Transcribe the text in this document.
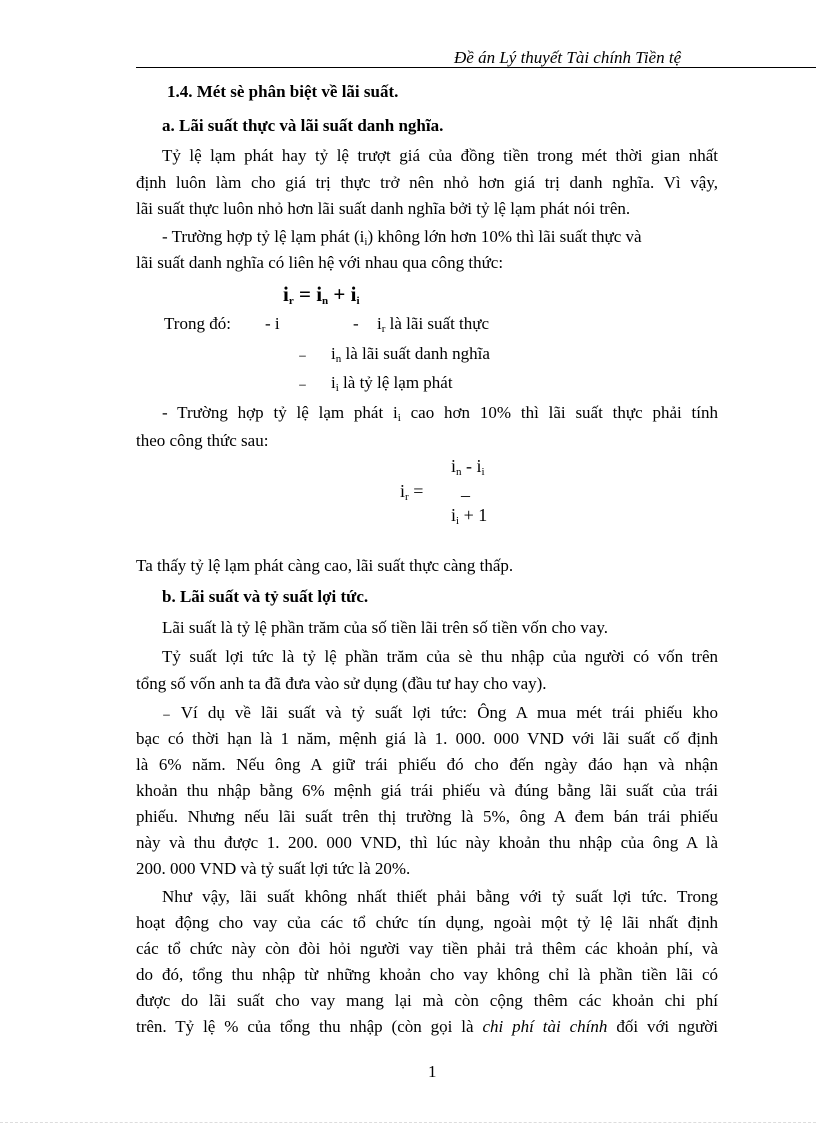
Đề án Lý thuyết Tài chính Tiền tệ
1.4. Mét sè phân biệt về lãi suất.
a. Lãi suất thực và lãi suất danh nghĩa.
Tỷ lệ lạm phát hay tỷ lệ trượt giá của đồng tiền trong mét thời gian nhất
định luôn làm cho giá trị thực trở nên nhỏ hơn giá trị danh nghĩa. Vì vậy,
lãi suất thực luôn nhỏ hơn lãi suất danh nghĩa bởi tỷ lệ lạm phát nói trên.
- Trường hợp tỷ lệ lạm phát $(i_i)$ không lớn hơn 10% thì lãi suất thực và
lãi suất danh nghĩa có liên hệ với nhau qua công thức:
$i_r = i_n + i_i$
Trong đó: - i	- $i_r$ là lãi suất thực
₋ $i_n$ là lãi suất danh nghĩa
₋ $i_i$ là tỷ lệ lạm phát
- Trường hợp tỷ lệ lạm phát $i_i$ cao hơn 10% thì lãi suất thực phải tính
theo công thức sau:
$i_n - i_i$
$i_r$ = –
$i_i + 1$
Ta thấy tỷ lệ lạm phát càng cao, lãi suất thực càng thấp.
b. Lãi suất và tỷ suất lợi tức.
Lãi suất là tỷ lệ phần trăm của số tiền lãi trên số tiền vốn cho vay.
Tỷ suất lợi tức là tỷ lệ phần trăm của sè thu nhập của người có vốn trên
tổng số vốn anh ta đã đưa vào sử dụng (đầu tư hay cho vay).
₋ Ví dụ về lãi suất và tỷ suất lợi tức: Ông A mua mét trái phiếu kho
bạc có thời hạn là 1 năm, mệnh giá là 1. 000. 000 VND với lãi suất cố định
là 6% năm. Nếu ông A giữ trái phiếu đó cho đến ngày đáo hạn và nhận
khoản thu nhập bằng 6% mệnh giá trái phiếu và đúng bằng lãi suất của trái
phiếu. Nhưng nếu lãi suất trên thị trường là 5%, ông A đem bán trái phiếu
này và thu được 1. 200. 000 VND, thì lúc này khoản thu nhập của ông A là
200. 000 VND và tỷ suất lợi tức là 20%.
Như vậy, lãi suất không nhất thiết phải bằng với tỷ suất lợi tức. Trong
hoạt động cho vay của các tổ chức tín dụng, ngoài một tỷ lệ lãi nhất định
các tổ chức này còn đòi hỏi người vay tiền phải trả thêm các khoản phí, và
do đó, tổng thu nhập từ những khoản cho vay không chỉ là phần tiền lãi có
được do lãi suất cho vay mang lại mà còn cộng thêm các khoản chi phí
trên. Tỷ lệ % của tổng thu nhập (còn gọi là chi phí tài chính đối với người
1
